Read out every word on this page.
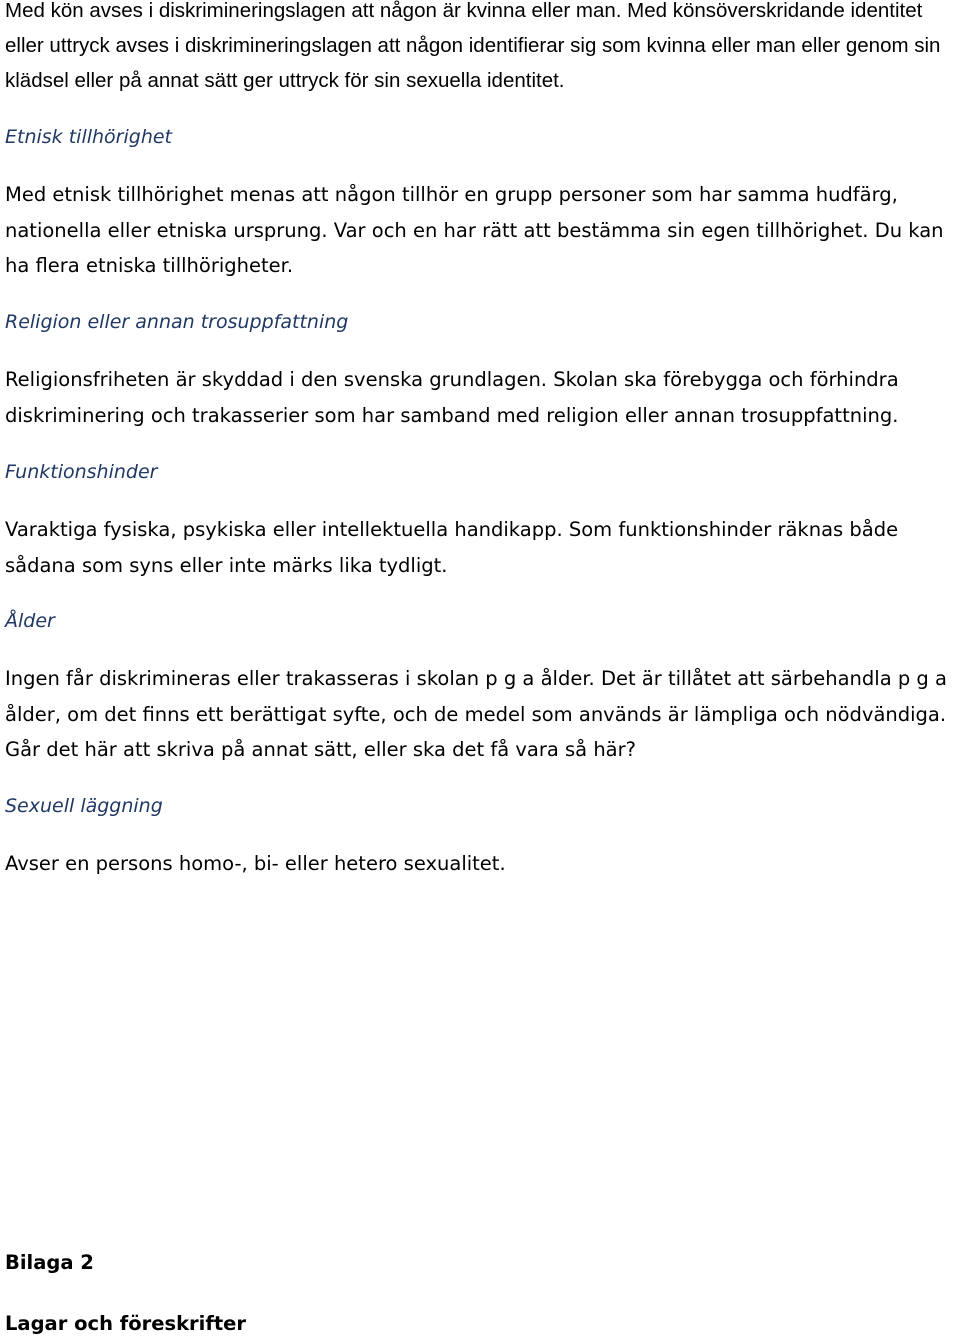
Med kön avses i diskrimineringslagen att någon är kvinna eller man. Med könsöverskridande identitet eller uttryck avses i diskrimineringslagen att någon identifierar sig som kvinna eller man eller genom sin klädsel eller på annat sätt ger uttryck för sin sexuella identitet.

Etnisk tillhörighet

Med etnisk tillhörighet menas att någon tillhör en grupp personer som har samma hudfärg, nationella eller etniska ursprung. Var och en har rätt att bestämma sin egen tillhörighet. Du kan ha flera etniska tillhörigheter.

Religion eller annan trosuppfattning

Religionsfriheten är skyddad i den svenska grundlagen. Skolan ska förebygga och förhindra diskriminering och trakasserier som har samband med religion eller annan trosuppfattning.

Funktionshinder

Varaktiga fysiska, psykiska eller intellektuella handikapp. Som funktionshinder räknas både sådana som syns eller inte märks lika tydligt.

Ålder

Ingen får diskrimineras eller trakasseras i skolan p g a ålder. Det är tillåtet att särbehandla p g a ålder, om det finns ett berättigat syfte, och de medel som används är lämpliga och nödvändiga. Går det här att skriva på annat sätt, eller ska det få vara så här?

Sexuell läggning

Avser en persons homo-, bi- eller hetero sexualitet.

Bilaga 2
Lagar och föreskrifter
